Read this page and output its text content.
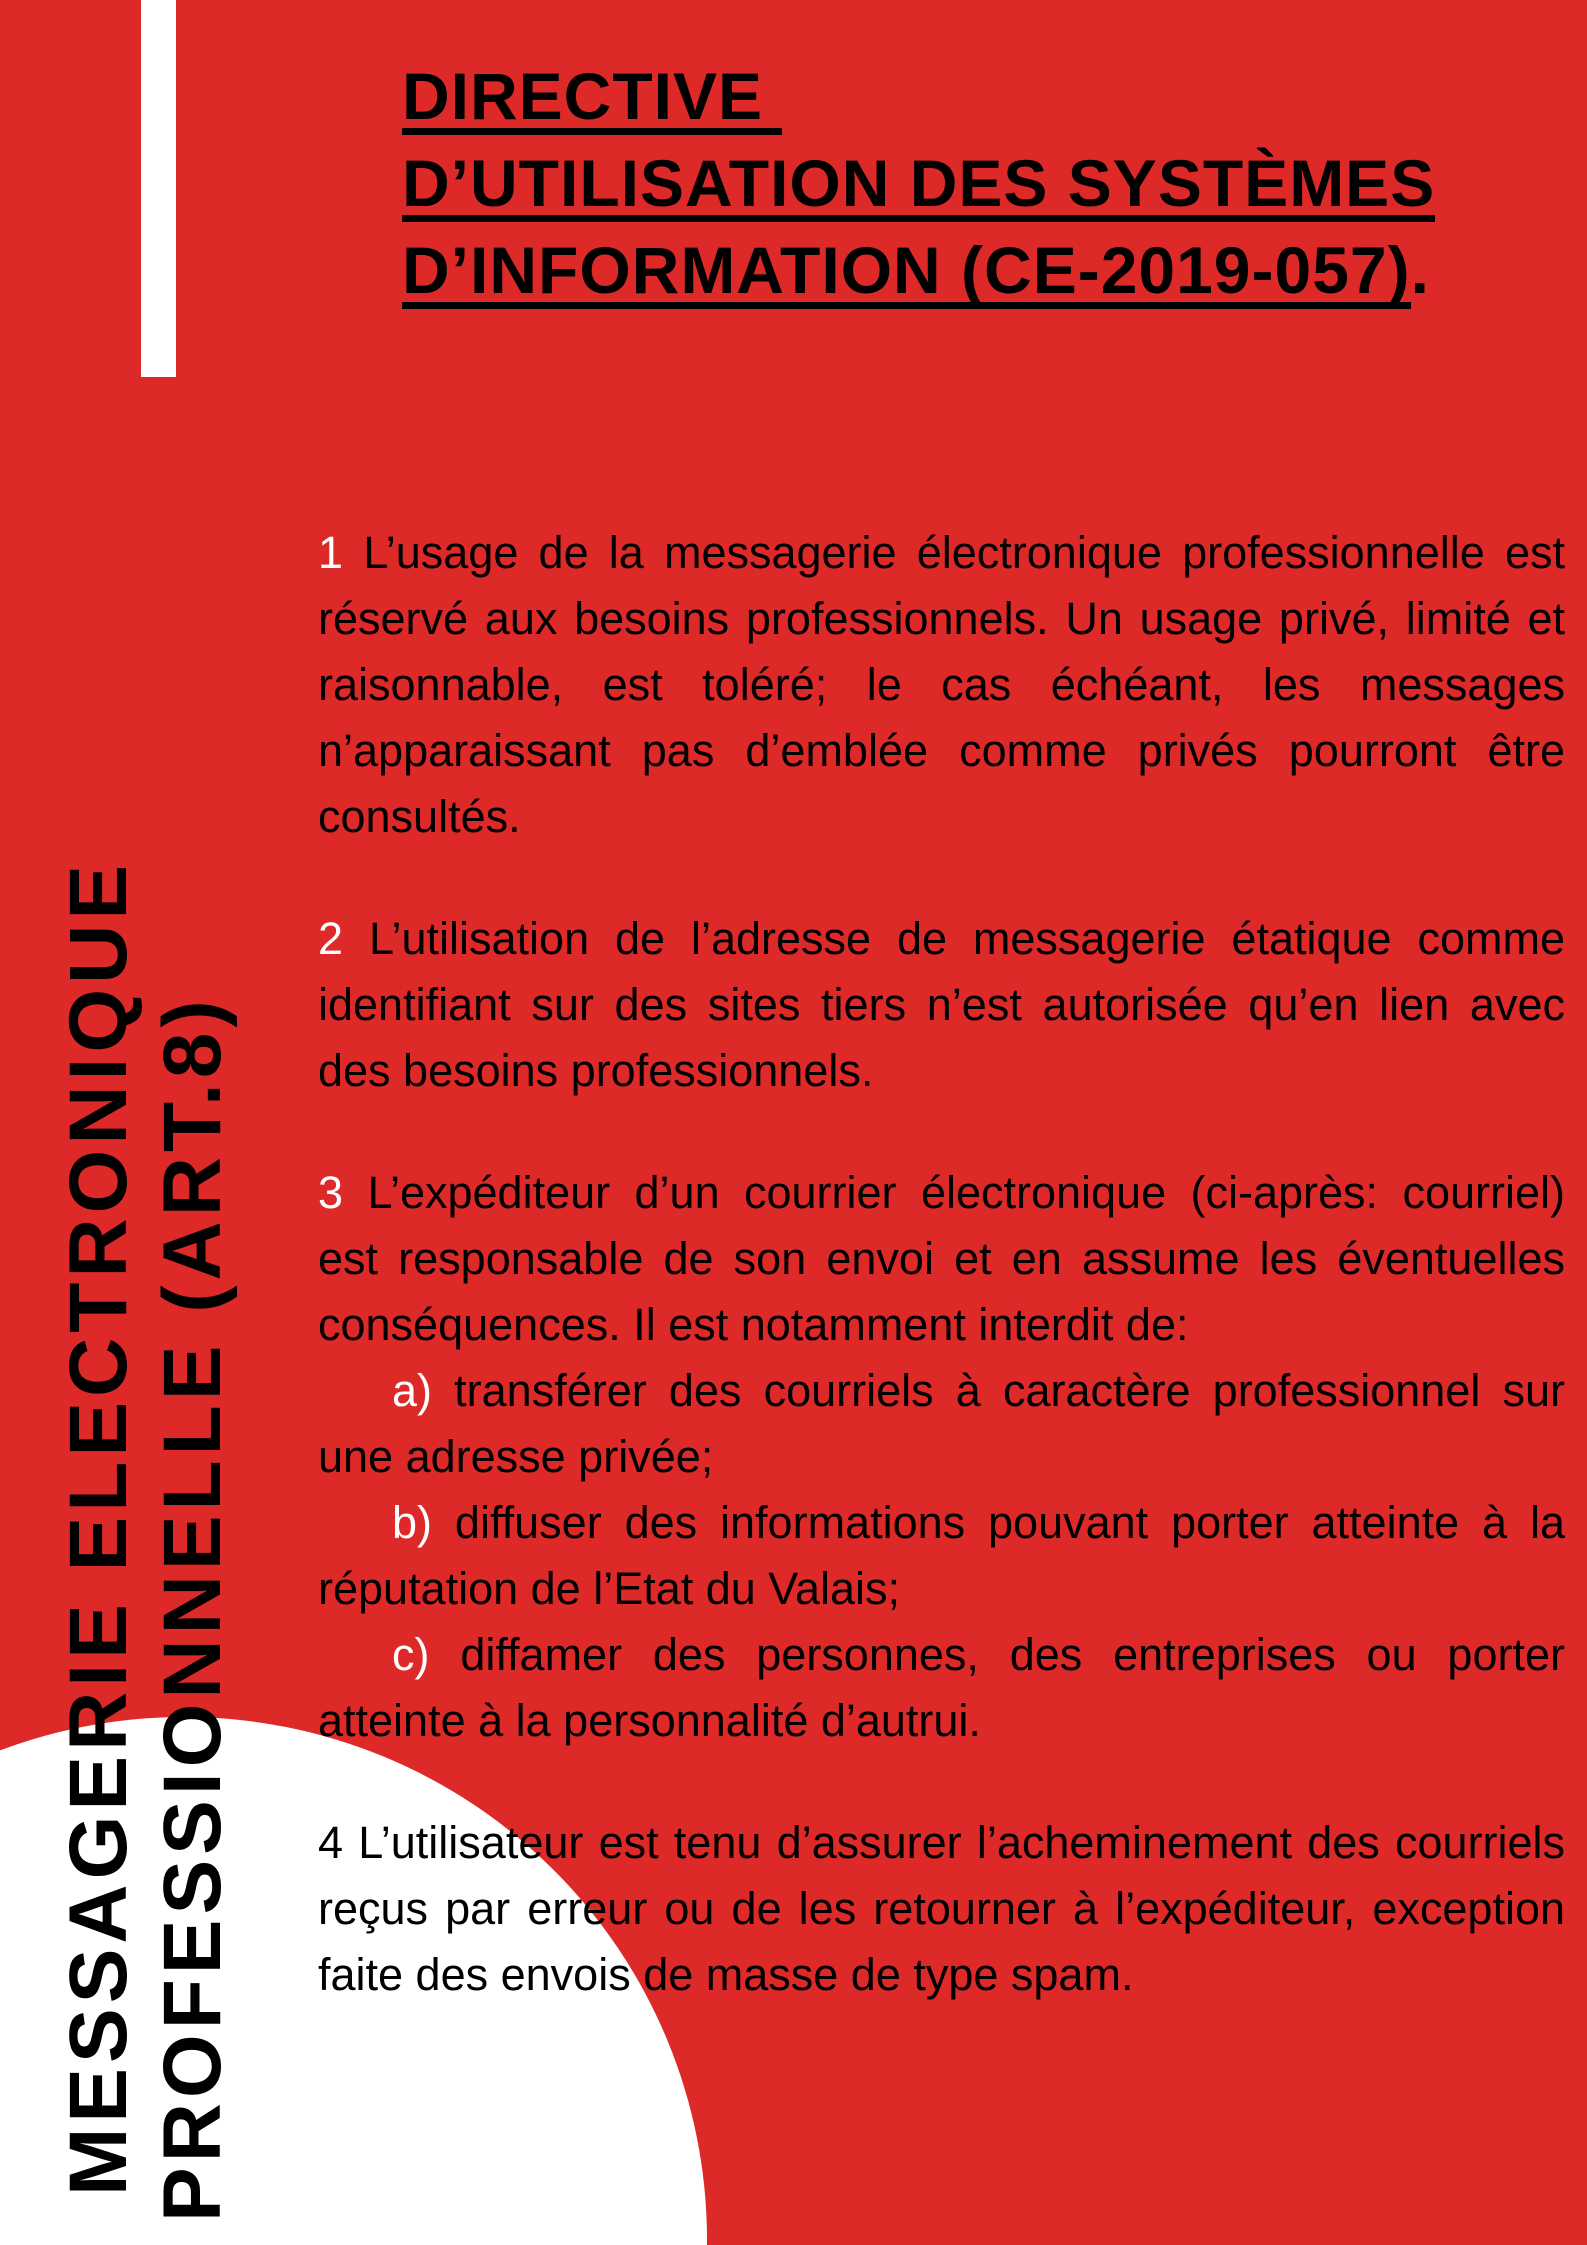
MESSAGERIE ELECTRONIQUE PROFESSIONNELLE (ART.8)
DIRECTIVE
D’UTILISATION DES SYSTÈMES
D’INFORMATION (CE-2019-057).

1 L’usage de la messagerie électronique professionnelle est réservé aux besoins professionnels. Un usage privé, limité et raisonnable, est toléré; le cas échéant, les messages n’apparaissant pas d’emblée comme privés pourront être consultés.

2 L’utilisation de l’adresse de messagerie étatique comme identifiant sur des sites tiers n’est autorisée qu’en lien avec des besoins professionnels.

3 L’expéditeur d’un courrier électronique (ci-après: courriel) est responsable de son envoi et en assume les éventuelles conséquences. Il est notamment interdit de:

a) transférer des courriels à caractère professionnel sur une adresse privée;

b) diffuser des informations pouvant porter atteinte à la réputation de l’Etat du Valais;

c) diffamer des personnes, des entreprises ou porter atteinte à la personnalité d’autrui.

4 L’utilisateur est tenu d’assurer l’acheminement des courriels reçus par erreur ou de les retourner à l’expéditeur, exception faite des envois de masse de type spam.
